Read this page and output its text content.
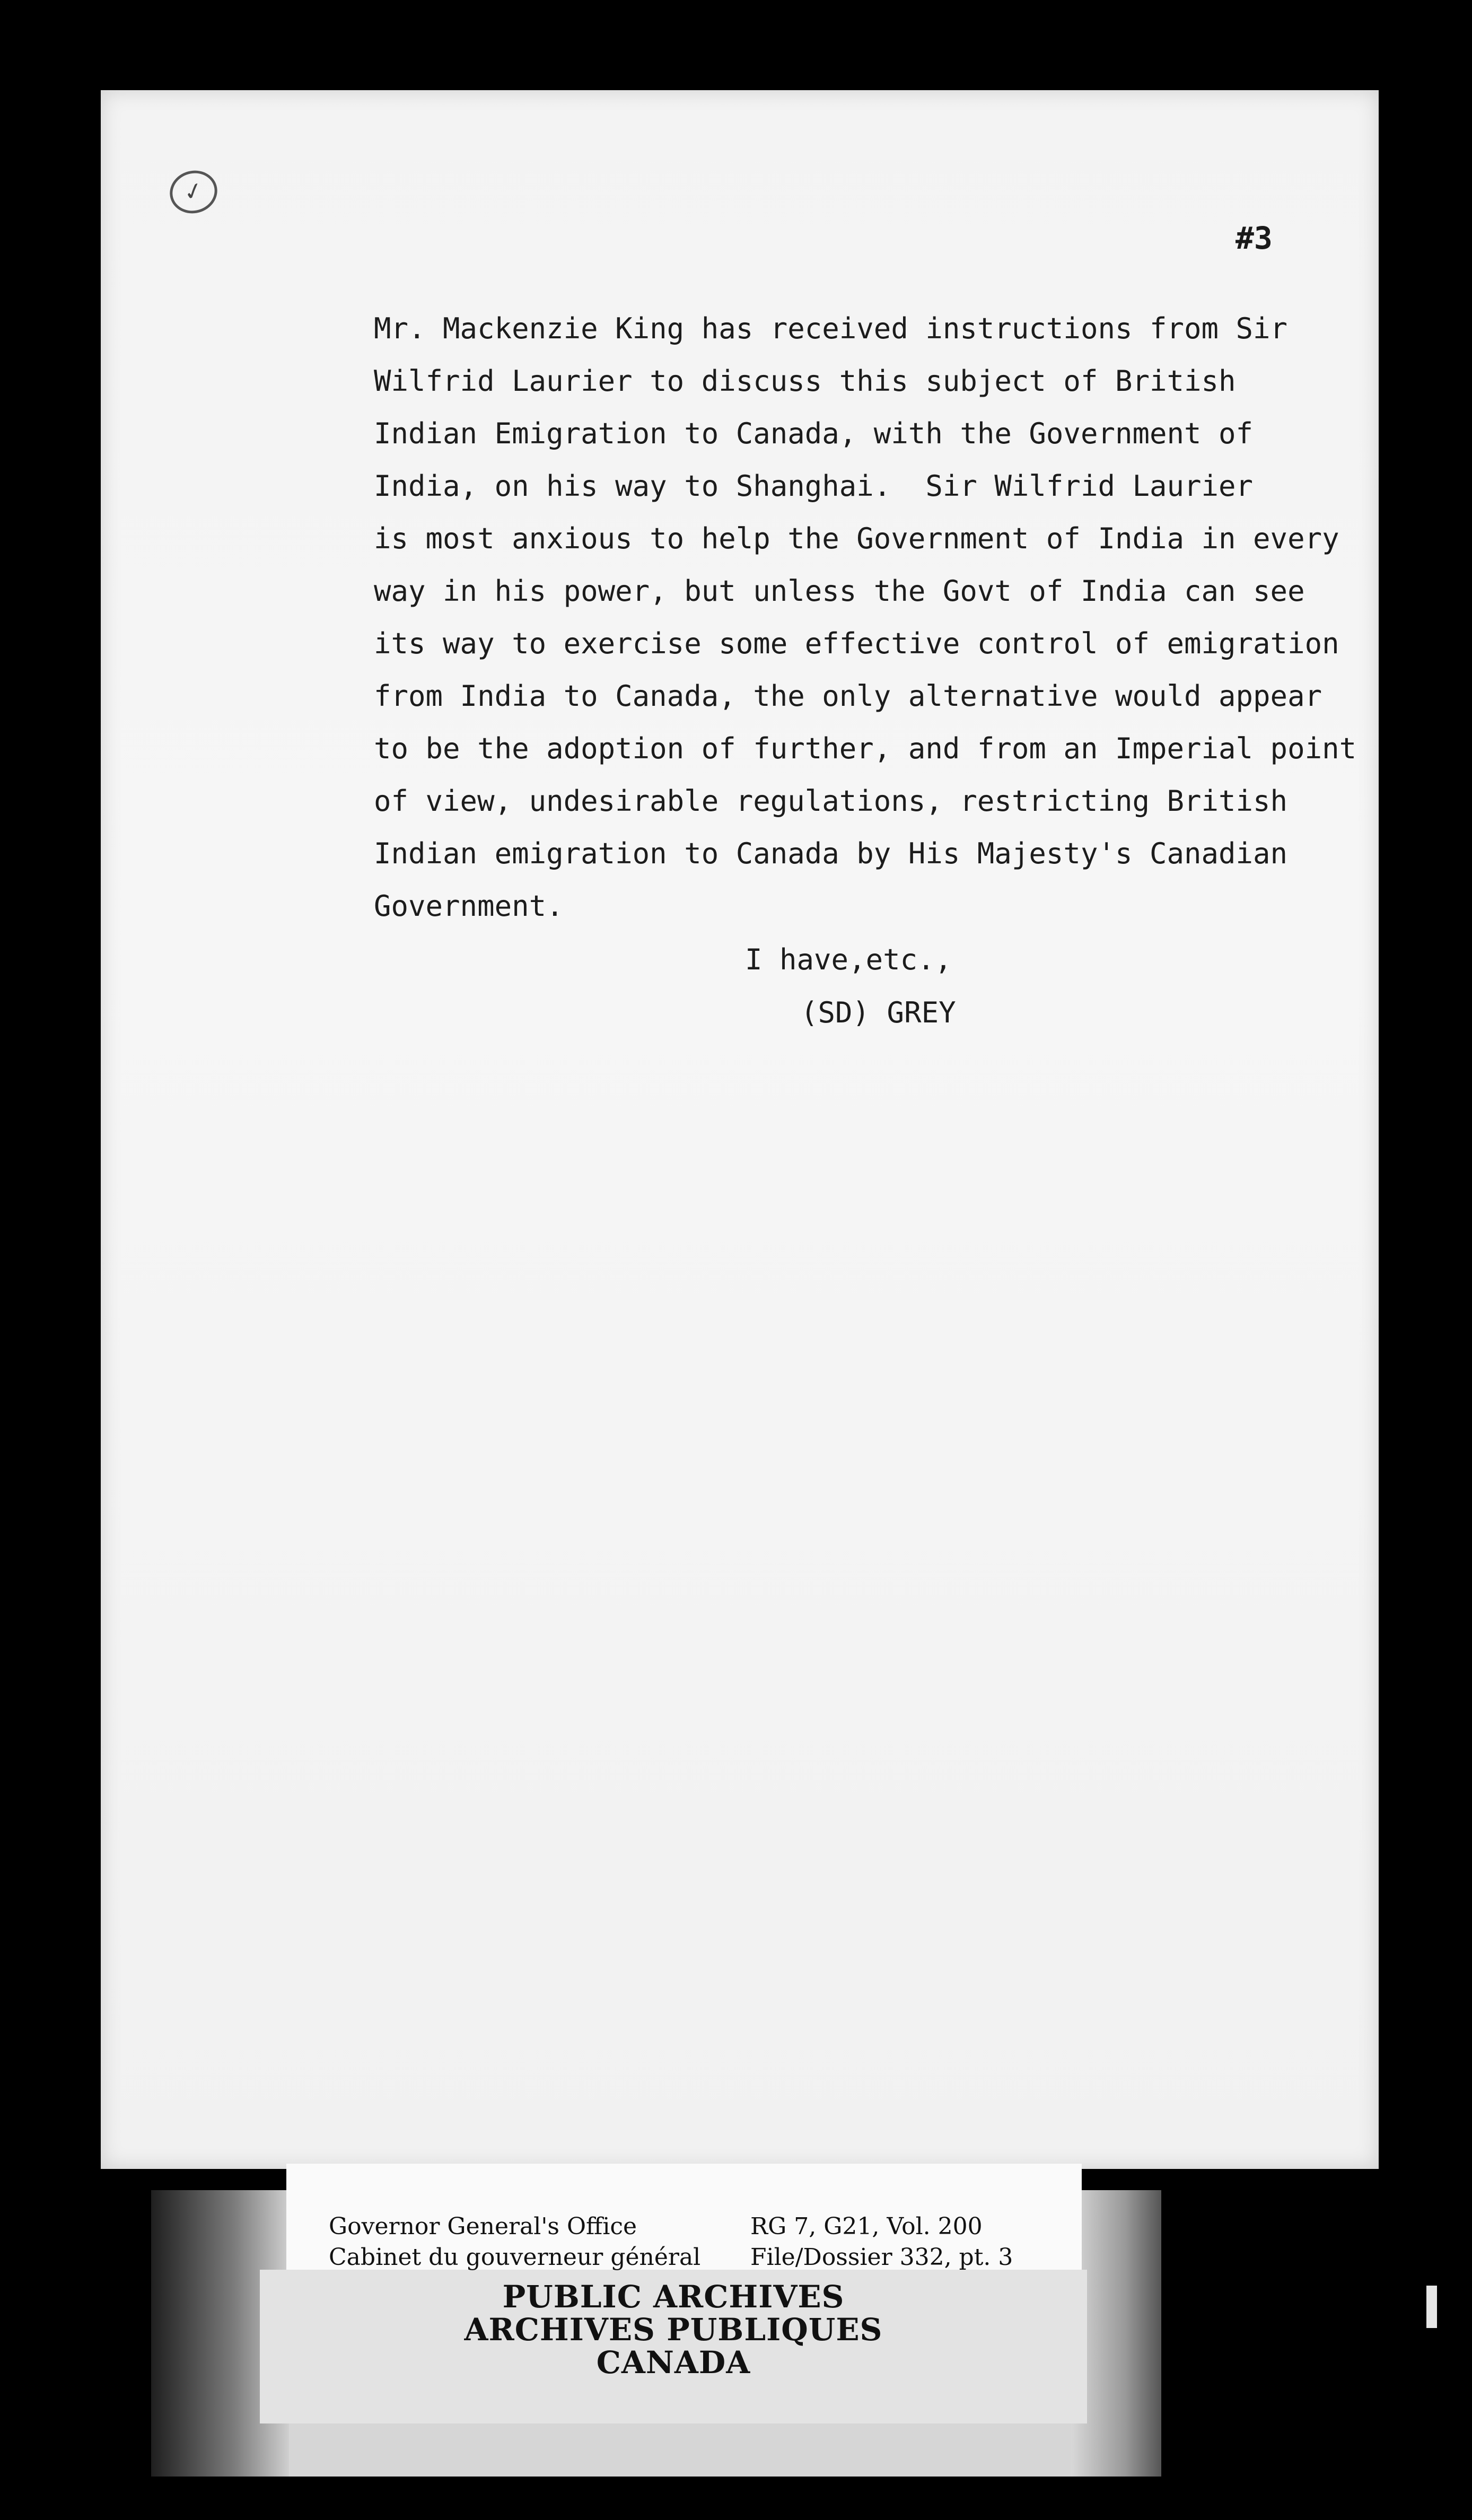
✓
#3
Mr. Mackenzie King has received instructions from Sir
Wilfrid Laurier to discuss this subject of British
Indian Emigration to Canada, with the Government of
India, on his way to Shanghai.  Sir Wilfrid Laurier
is most anxious to help the Government of India in every
way in his power, but unless the Govt of India can see
its way to exercise some effective control of emigration
from India to Canada, the only alternative would appear
to be the adoption of further, and from an Imperial point
of view, undesirable regulations, restricting British
Indian emigration to Canada by His Majesty's Canadian
Government.
I have,etc.,
(SD) GREY
Governor General's Office
Cabinet du gouverneur général
RG 7, G21, Vol. 200
File/Dossier 332, pt. 3
PUBLIC ARCHIVES
ARCHIVES PUBLIQUES
CANADA
